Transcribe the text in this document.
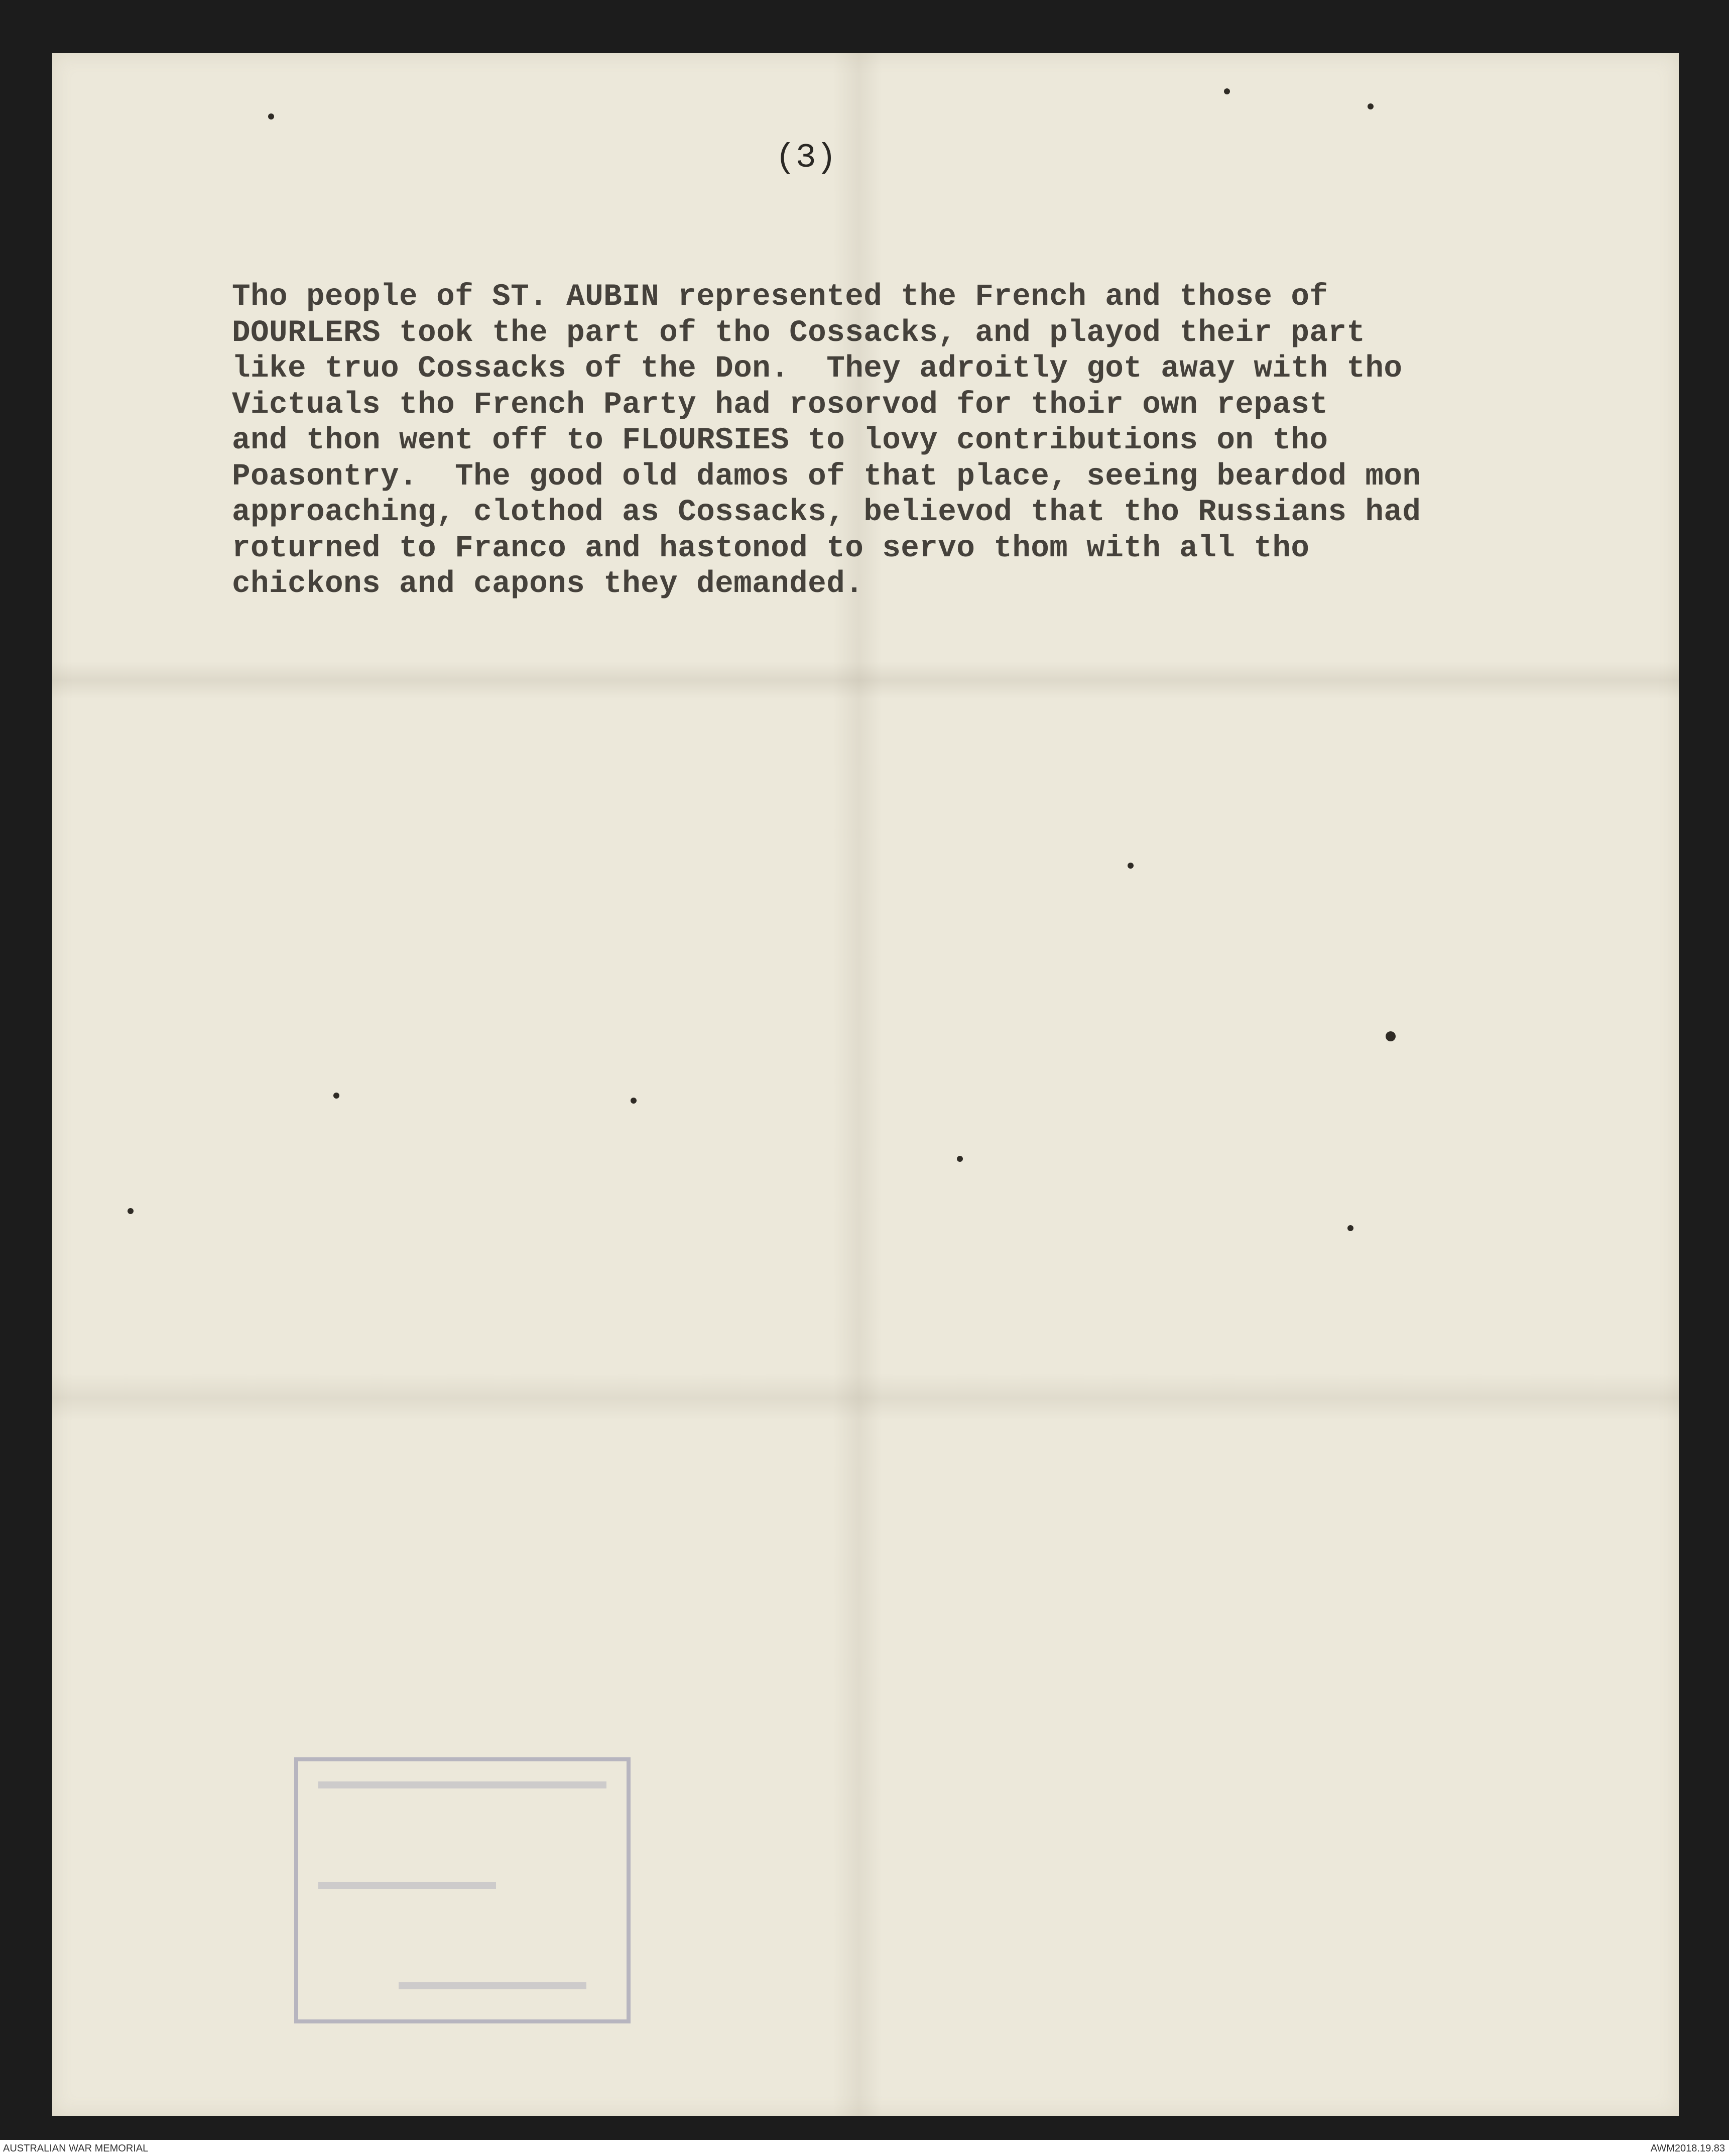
(3)
Tho people of ST. AUBIN represented the French and those of
DOURLERS took the part of tho Cossacks, and playod their part
like truo Cossacks of the Don.  They adroitly got away with tho
Victuals tho French Party had rosorvod for thoir own repast
and thon went off to FLOURSIES to lovy contributions on tho
Poasontry.  The good old damos of that place, seeing beardod mon
approaching, clothod as Cossacks, believod that tho Russians had
roturned to Franco and hastonod to servo thom with all tho
chickons and capons they demanded.
AUSTRALIAN WAR MEMORIAL	AWM2018.19.83
